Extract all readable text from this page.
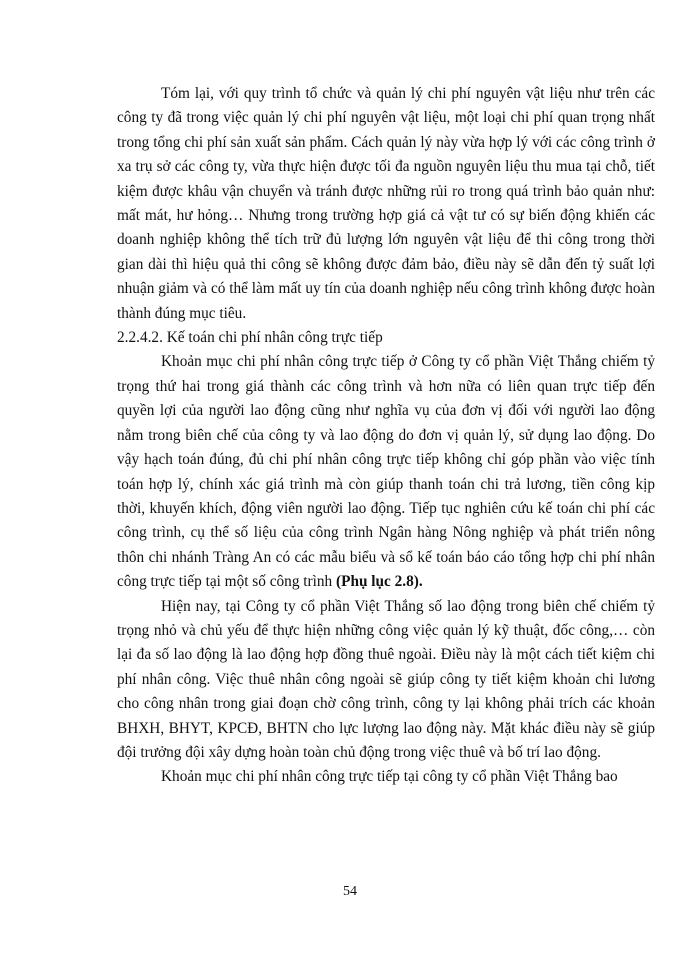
Tóm lại, với quy trình tổ chức và quản lý chi phí nguyên vật liệu như trên các công ty đã trong việc quản lý chi phí nguyên vật liệu, một loại chi phí quan trọng nhất trong tổng chi phí sản xuất sản phẩm. Cách quản lý này vừa hợp lý với các công trình ở xa trụ sở các công ty, vừa thực hiện được tối đa nguồn nguyên liệu thu mua tại chỗ, tiết kiệm được khâu vận chuyển và tránh được những rủi ro trong quá trình bảo quản như: mất mát, hư hỏng… Nhưng trong trường hợp giá cả vật tư có sự biến động khiến các doanh nghiệp không thể tích trữ đủ lượng lớn nguyên vật liệu để thi công trong thời gian dài thì hiệu quả thi công sẽ không được đảm bảo, điều này sẽ dẫn đến tỷ suất lợi nhuận giảm và có thể làm mất uy tín của doanh nghiệp nếu công trình không được hoàn thành đúng mục tiêu.

2.2.4.2. Kế toán chi phí nhân công trực tiếp

Khoản mục chi phí nhân công trực tiếp ở Công ty cổ phần Việt Thắng chiếm tỷ trọng thứ hai trong giá thành các công trình và hơn nữa có liên quan trực tiếp đến quyền lợi của người lao động cũng như nghĩa vụ của đơn vị đối với người lao động nằm trong biên chế của công ty và lao động do đơn vị quản lý, sử dụng lao động. Do vậy hạch toán đúng, đủ chi phí nhân công trực tiếp không chỉ góp phần vào việc tính toán hợp lý, chính xác giá trình mà còn giúp thanh toán chi trả lương, tiền công kịp thời, khuyến khích, động viên người lao động. Tiếp tục nghiên cứu kế toán chi phí các công trình, cụ thể số liệu của công trình Ngân hàng Nông nghiệp và phát triển nông thôn chi nhánh Tràng An có các mẫu biểu và sổ kế toán báo cáo tổng hợp chi phí nhân công trực tiếp tại một số công trình (Phụ lục 2.8).

Hiện nay, tại Công ty cổ phần Việt Thắng số lao động trong biên chế chiếm tỷ trọng nhỏ và chủ yếu để thực hiện những công việc quản lý kỹ thuật, đốc công,… còn lại đa số lao động là lao động hợp đồng thuê ngoài. Điều này là một cách tiết kiệm chi phí nhân công. Việc thuê nhân công ngoài sẽ giúp công ty tiết kiệm khoản chi lương cho công nhân trong giai đoạn chờ công trình, công ty lại không phải trích các khoản BHXH, BHYT, KPCĐ, BHTN cho lực lượng lao động này. Mặt khác điều này sẽ giúp đội trưởng đội xây dựng hoàn toàn chủ động trong việc thuê và bố trí lao động.

Khoản mục chi phí nhân công trực tiếp tại công ty cổ phần Việt Thắng bao

54
